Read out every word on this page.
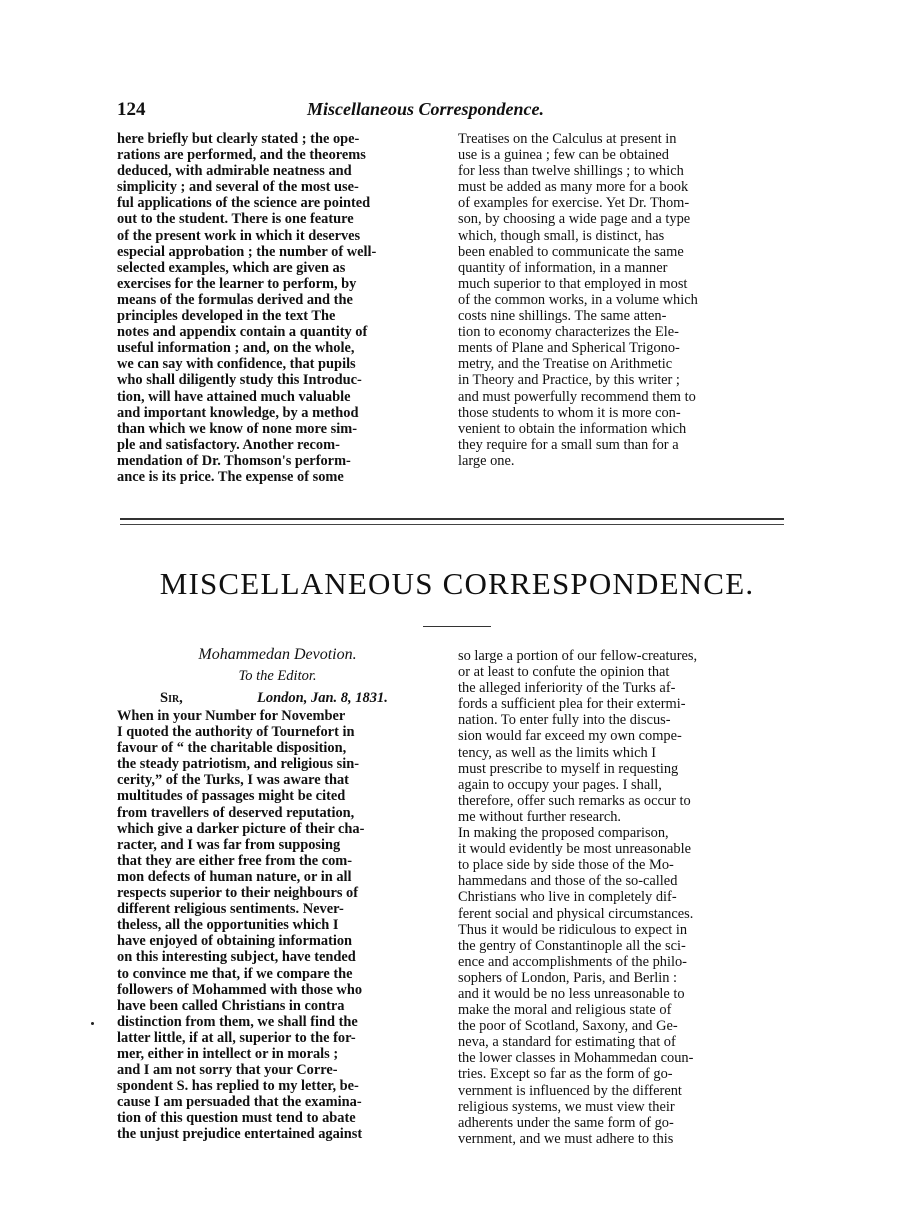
124	Miscellaneous Correspondence.
here briefly but clearly stated ; the ope-
rations are performed, and the theorems
deduced, with admirable neatness and
simplicity ; and several of the most use-
ful applications of the science are pointed
out to the student. There is one feature
of the present work in which it deserves
especial approbation ; the number of well-
selected examples, which are given as
exercises for the learner to perform, by
means of the formulas derived and the
principles developed in the text The
notes and appendix contain a quantity of
useful information ; and, on the whole,
we can say with confidence, that pupils
who shall diligently study this Introduc-
tion, will have attained much valuable
and important knowledge, by a method
than which we know of none more sim-
ple and satisfactory. Another recom-
mendation of Dr. Thomson's perform-
ance is its price. The expense of some
Treatises on the Calculus at present in
use is a guinea ; few can be obtained
for less than twelve shillings ; to which
must be added as many more for a book
of examples for exercise. Yet Dr. Thom-
son, by choosing a wide page and a type
which, though small, is distinct, has
been enabled to communicate the same
quantity of information, in a manner
much superior to that employed in most
of the common works, in a volume which
costs nine shillings. The same atten-
tion to economy characterizes the Ele-
ments of Plane and Spherical Trigono-
metry, and the Treatise on Arithmetic
in Theory and Practice, by this writer ;
and must powerfully recommend them to
those students to whom it is more con-
venient to obtain the information which
they require for a small sum than for a
large one.
MISCELLANEOUS CORRESPONDENCE.
Mohammedan Devotion.
To the Editor.
Sir,	London, Jan. 8, 1831.
When in your Number for November
I quoted the authority of Tournefort in
favour of “ the charitable disposition,
the steady patriotism, and religious sin-
cerity,” of the Turks, I was aware that
multitudes of passages might be cited
from travellers of deserved reputation,
which give a darker picture of their cha-
racter, and I was far from supposing
that they are either free from the com-
mon defects of human nature, or in all
respects superior to their neighbours of
different religious sentiments. Never-
theless, all the opportunities which I
have enjoyed of obtaining information
on this interesting subject, have tended
to convince me that, if we compare the
followers of Mohammed with those who
have been called Christians in contra
distinction from them, we shall find the
latter little, if at all, superior to the for-
mer, either in intellect or in morals ;
and I am not sorry that your Corre-
spondent S. has replied to my letter, be-
cause I am persuaded that the examina-
tion of this question must tend to abate
the unjust prejudice entertained against
so large a portion of our fellow-creatures,
or at least to confute the opinion that
the alleged inferiority of the Turks af-
fords a sufficient plea for their extermi-
nation. To enter fully into the discus-
sion would far exceed my own compe-
tency, as well as the limits which I
must prescribe to myself in requesting
again to occupy your pages. I shall,
therefore, offer such remarks as occur to
me without further research.
In making the proposed comparison,
it would evidently be most unreasonable
to place side by side those of the Mo-
hammedans and those of the so-called
Christians who live in completely dif-
ferent social and physical circumstances.
Thus it would be ridiculous to expect in
the gentry of Constantinople all the sci-
ence and accomplishments of the philo-
sophers of London, Paris, and Berlin :
and it would be no less unreasonable to
make the moral and religious state of
the poor of Scotland, Saxony, and Ge-
neva, a standard for estimating that of
the lower classes in Mohammedan coun-
tries. Except so far as the form of go-
vernment is influenced by the different
religious systems, we must view their
adherents under the same form of go-
vernment, and we must adhere to this
